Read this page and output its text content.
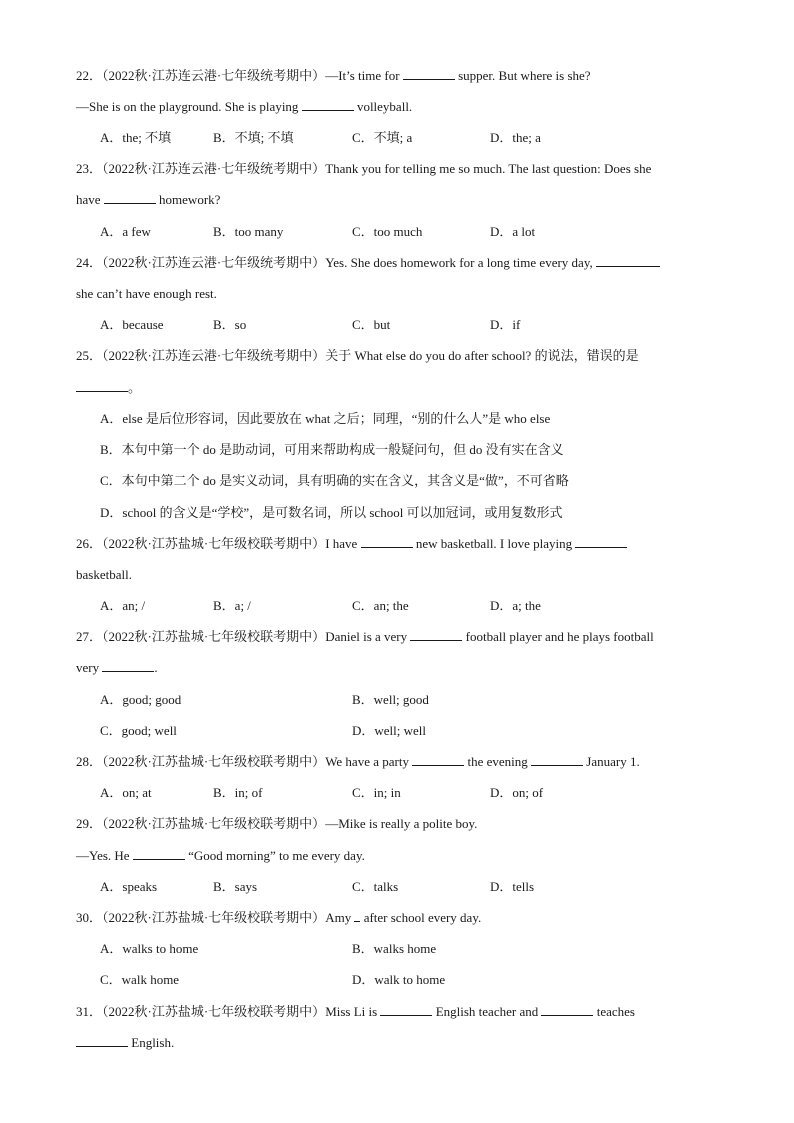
22．（2022秋·江苏连云港·七年级统考期中）—It’s time for	supper. But where is she?
—She is on the playground. She is playing	volleyball.
A．the; 不填	B．不填; 不填	C．不填; a	D．the; a
23．（2022秋·江苏连云港·七年级统考期中）Thank you for telling me so much. The last question: Does she
have	homework?
A．a few	B．too many	C．too much	D．a lot
24．（2022秋·江苏连云港·七年级统考期中）Yes. She does homework for a long time every day,
she can’t have enough rest.
A．because	B．so	C．but	D．if
25．（2022秋·江苏连云港·七年级统考期中）关于 What else do you do after school? 的说法，错误的是
。
A．else 是后位形容词，因此要放在 what 之后；同理，“别的什么人”是 who else
B．本句中第一个 do 是助动词，可用来帮助构成一般疑问句，但 do 没有实在含义
C．本句中第二个 do 是实义动词，具有明确的实在含义，其含义是“做”，不可省略
D．school 的含义是“学校”，是可数名词，所以 school 可以加冠词，或用复数形式
26．（2022秋·江苏盐城·七年级校联考期中）I have	new basketball. I love playing
basketball.
A．an; /	B．a; /	C．an; the	D．a; the
27．（2022秋·江苏盐城·七年级校联考期中）Daniel is a very	football player and he plays football
very	.
A．good; good	B．well; good
C．good; well	D．well; well
28．（2022秋·江苏盐城·七年级校联考期中）We have a party	the evening	January 1.
A．on; at	B．in; of	C．in; in	D．on; of
29．（2022秋·江苏盐城·七年级校联考期中）—Mike is really a polite boy.
—Yes. He	“Good morning” to me every day.
A．speaks	B．says	C．talks	D．tells
30．（2022秋·江苏盐城·七年级校联考期中）Amy after school every day.
A．walks to home	B．walks home
C．walk home	D．walk to home
31．（2022秋·江苏盐城·七年级校联考期中）Miss Li is	English teacher and	teaches
English.
